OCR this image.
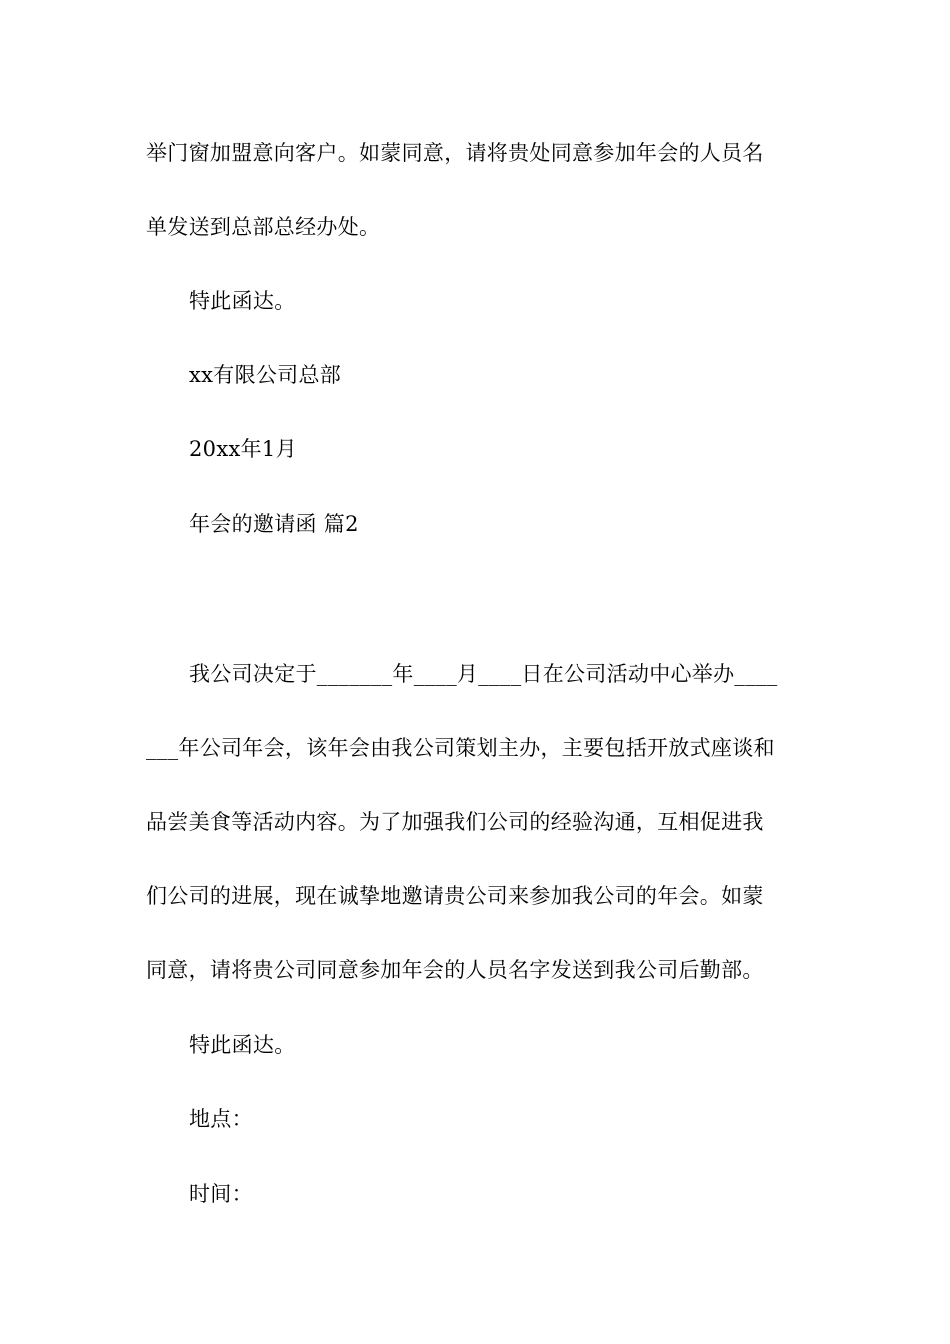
举门窗加盟意向客户。如蒙同意，请将贵处同意参加年会的人员名
单发送到总部总经办处。
特此函达。
xx有限公司总部
20xx年1月
年会的邀请函 篇2
我公司决定于_______年____月____日在公司活动中心举办____
___年公司年会，该年会由我公司策划主办，主要包括开放式座谈和
品尝美食等活动内容。为了加强我们公司的经验沟通，互相促进我
们公司的进展，现在诚挚地邀请贵公司来参加我公司的年会。如蒙
同意，请将贵公司同意参加年会的人员名字发送到我公司后勤部。
特此函达。
地点：
时间：
